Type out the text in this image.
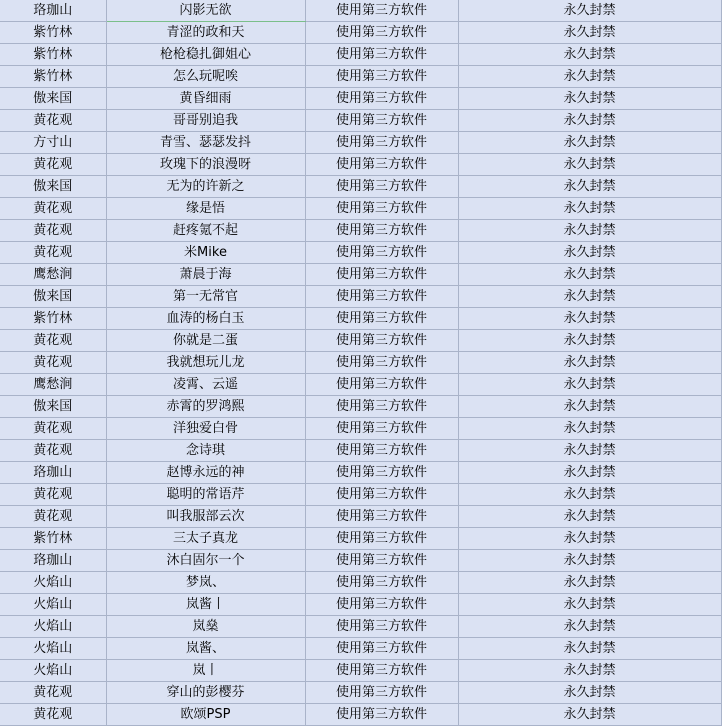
珞珈山	闪影无欲	使用第三方软件	永久封禁
紫竹林	青涩的政和天	使用第三方软件	永久封禁
紫竹林	枪枪稳扎御姐心	使用第三方软件	永久封禁
紫竹林	怎么玩呢唉	使用第三方软件	永久封禁
傲来国	黄昏细雨	使用第三方软件	永久封禁
黄花观	哥哥别追我	使用第三方软件	永久封禁
方寸山	青雪、瑟瑟发抖	使用第三方软件	永久封禁
黄花观	玫瑰下的浪漫呀	使用第三方软件	永久封禁
傲来国	无为的许新之	使用第三方软件	永久封禁
黄花观	缘是悟	使用第三方软件	永久封禁
黄花观	赶疼氪不起	使用第三方软件	永久封禁
黄花观	米Mike	使用第三方软件	永久封禁
鹰愁涧	萧晨于海	使用第三方软件	永久封禁
傲来国	第一无常官	使用第三方软件	永久封禁
紫竹林	血涛的杨白玉	使用第三方软件	永久封禁
黄花观	你就是二蛋	使用第三方软件	永久封禁
黄花观	我就想玩儿龙	使用第三方软件	永久封禁
鹰愁涧	凌霄、云遥	使用第三方软件	永久封禁
傲来国	赤霄的罗鸿熙	使用第三方软件	永久封禁
黄花观	洋独爱白骨	使用第三方软件	永久封禁
黄花观	念诗琪	使用第三方软件	永久封禁
珞珈山	赵博永远的神	使用第三方软件	永久封禁
黄花观	聪明的常语芹	使用第三方软件	永久封禁
黄花观	叫我服部云次	使用第三方软件	永久封禁
紫竹林	三太子真龙	使用第三方软件	永久封禁
珞珈山	沐白固尔一个	使用第三方软件	永久封禁
火焰山	梦岚、	使用第三方软件	永久封禁
火焰山	岚酱丨	使用第三方软件	永久封禁
火焰山	岚燊	使用第三方软件	永久封禁
火焰山	岚酱、	使用第三方软件	永久封禁
火焰山	岚丨	使用第三方软件	永久封禁
黄花观	穿山的彭樱芬	使用第三方软件	永久封禁
黄花观	欧颂PSP	使用第三方软件	永久封禁
